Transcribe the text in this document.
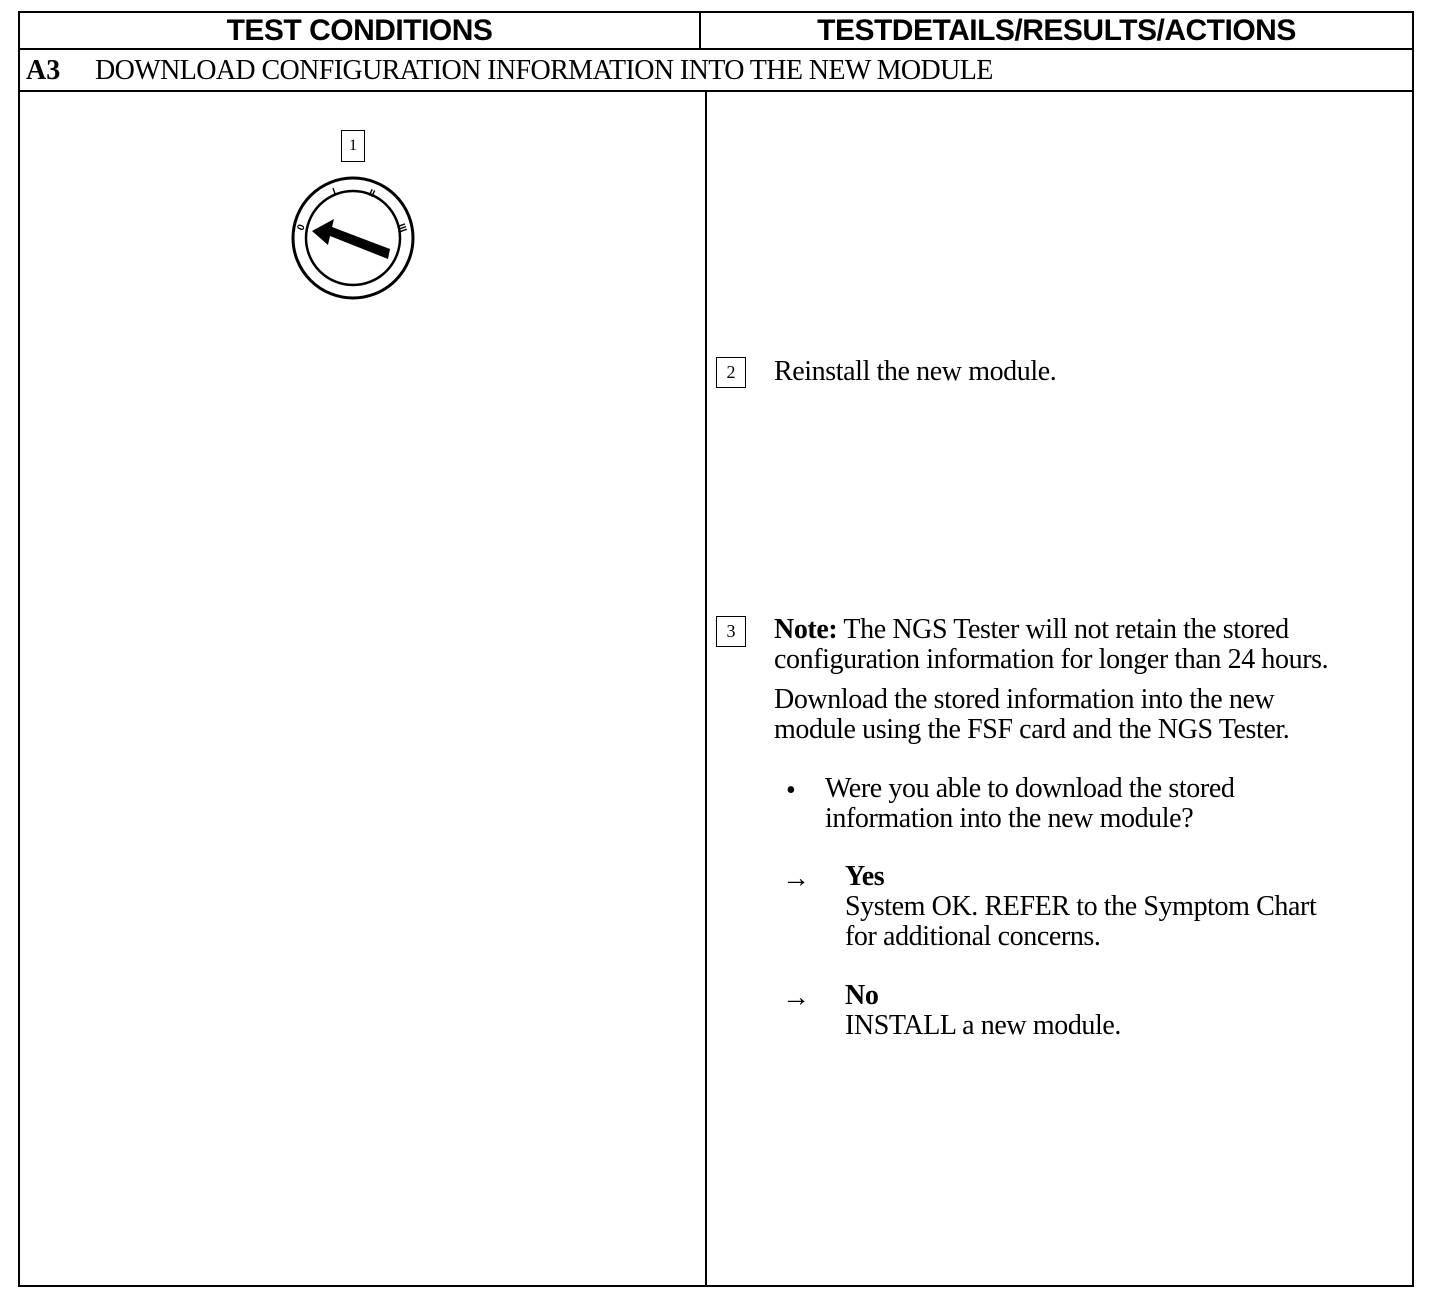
TEST CONDITIONS	TESTDETAILS/RESULTS/ACTIONS
A3 DOWNLOAD CONFIGURATION INFORMATION INTO THE NEW MODULE
1
0
I	II
III
2	Reinstall the new module.
3	Note: The NGS Tester will not retain the stored
configuration information for longer than 24 hours.
Download the stored information into the new
module using the FSF card and the NGS Tester.
• Were you able to download the stored
information into the new module?
→ Yes
System OK. REFER to the Symptom Chart
for additional concerns.
→ No
INSTALL a new module.
